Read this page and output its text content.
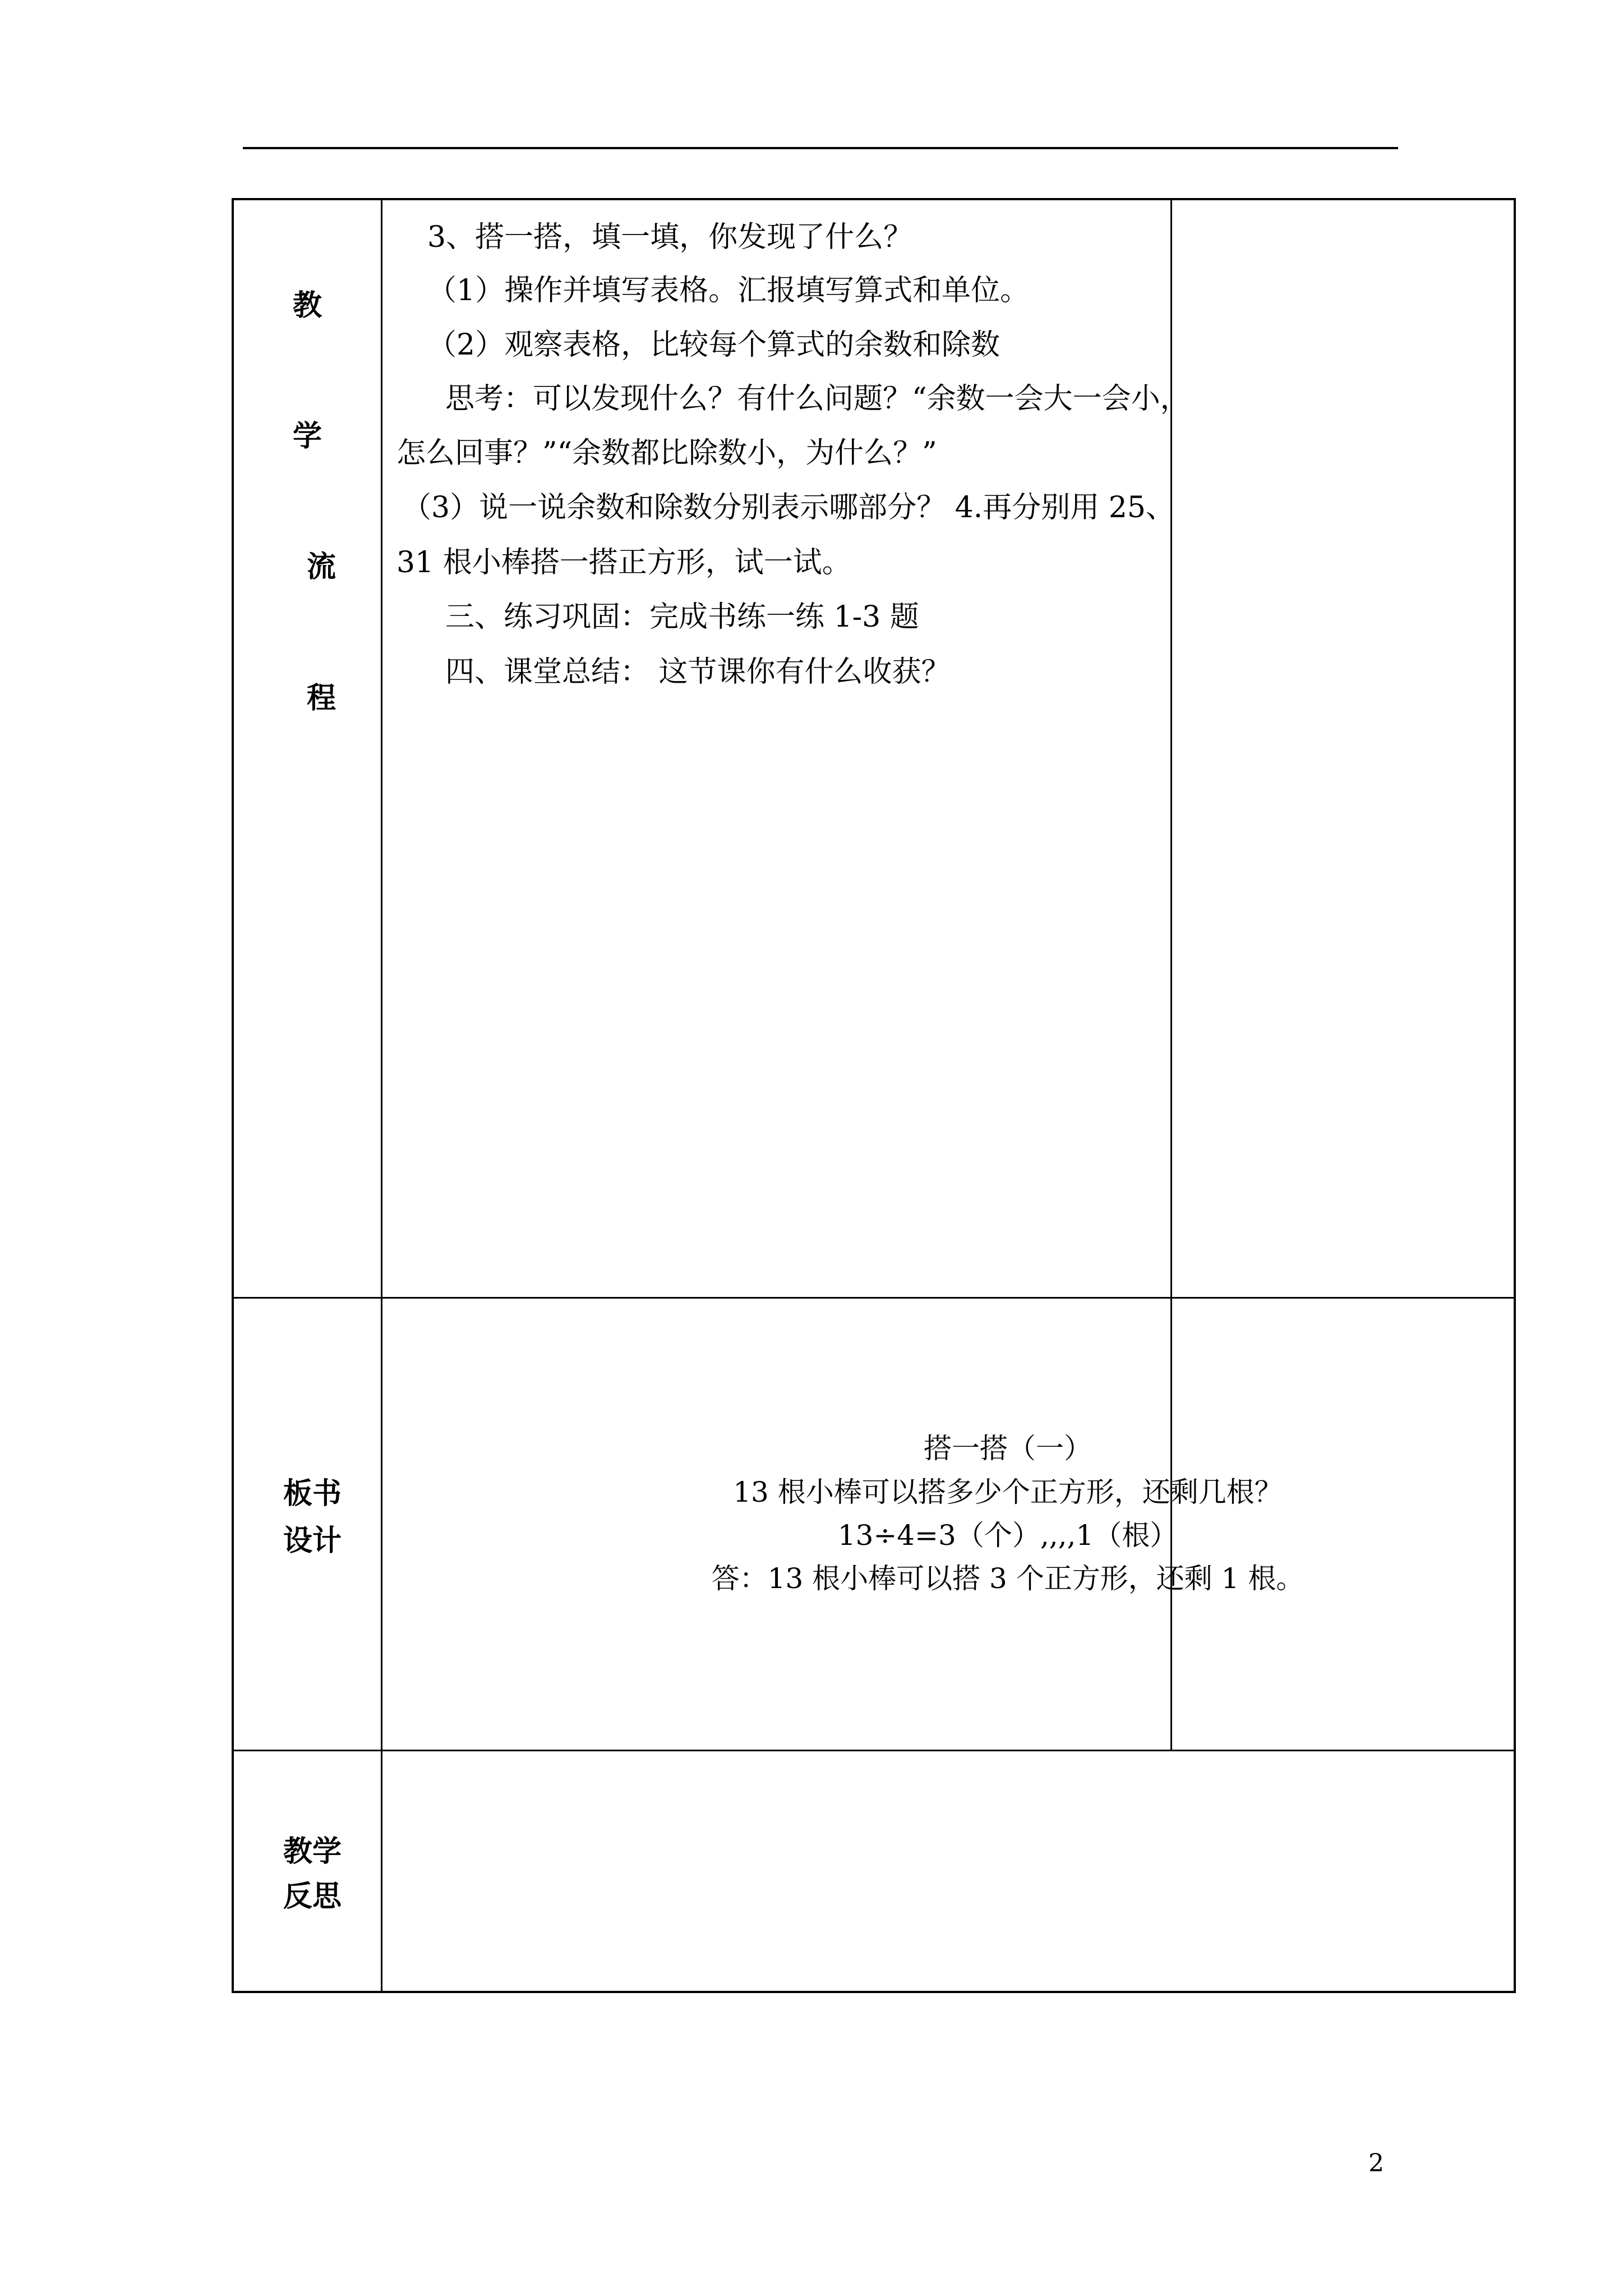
教
学
流
程
3、搭一搭，填一填，你发现了什么？
（1）操作并填写表格。汇报填写算式和单位。
（2）观察表格，比较每个算式的余数和除数
思考：可以发现什么？有什么问题？“余数一会大一会小，
怎么回事？”“余数都比除数小，为什么？”
（3）说一说余数和除数分别表示哪部分？ 4.再分别用 25、
31 根小棒搭一搭正方形，试一试。
三、练习巩固：完成书练一练 1-3 题
四、课堂总结： 这节课你有什么收获？
板书
设计
搭一搭（一）
13 根小棒可以搭多少个正方形，还剩几根？
13÷4=3（个）,,,,1（根）
答：13 根小棒可以搭 3 个正方形，还剩 1 根。
教学
反思
2
